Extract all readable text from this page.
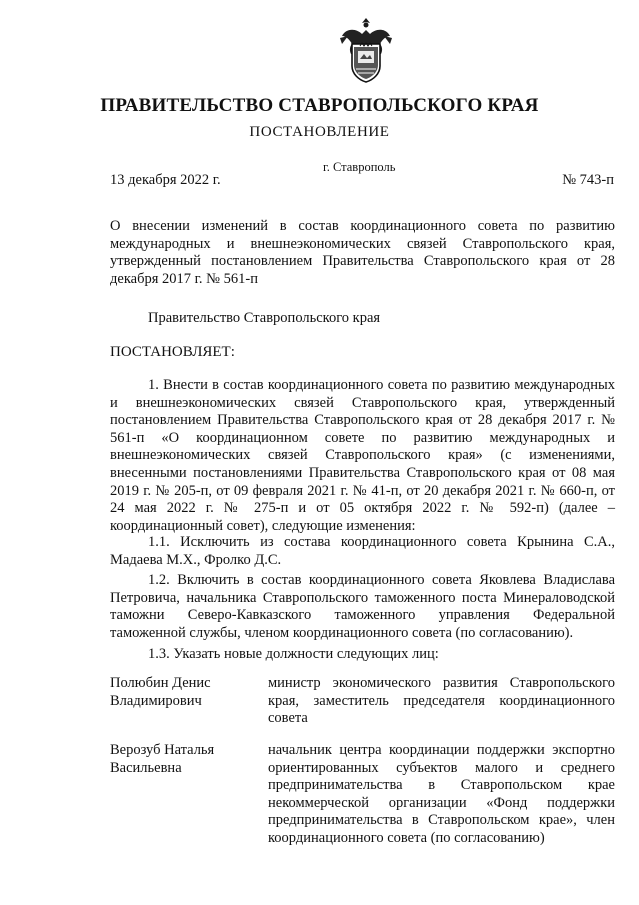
ПРАВИТЕЛЬСТВО СТАВРОПОЛЬСКОГО КРАЯ
ПОСТАНОВЛЕНИЕ
г. Ставрополь
13 декабря 2022 г.	№ 743-п
О внесении изменений в состав координационного совета по развитию международных и внешнеэкономических связей Ставропольского края, утвержденный постановлением Правительства Ставропольского края от 28 декабря 2017 г. № 561-п
Правительство Ставропольского края
ПОСТАНОВЛЯЕТ:

1. Внести в состав координационного совета по развитию международных и внешнеэкономических связей Ставропольского края, утвержденный постановлением Правительства Ставропольского края от 28 декабря 2017 г. № 561-п «О координационном совете по развитию международных и внешнеэкономических связей Ставропольского края» (с изменениями, внесенными постановлениями Правительства Ставропольского края от 08 мая 2019 г. № 205-п, от 09 февраля 2021 г. № 41-п, от 20 декабря 2021 г. № 660-п, от 24 мая 2022 г. № 275-п и от 05 октября 2022 г. № 592-п) (далее – координационный совет), следующие изменения:

1.1. Исключить из состава координационного совета Крынина С.А., Мадаева М.Х., Фролко Д.С.

1.2. Включить в состав координационного совета Яковлева Владислава Петровича, начальника Ставропольского таможенного поста Минераловодской таможни Северо-Кавказского таможенного управления Федеральной таможенной службы, членом координационного совета (по согласованию).

1.3. Указать новые должности следующих лиц:

Полюбин Денис
Владимирович
министр экономического развития Ставропольского края, заместитель председателя координационного совета
Верозуб Наталья
Васильевна
начальник центра координации поддержки экспортно ориентированных субъектов малого и среднего предпринимательства в Ставропольском крае некоммерческой организации «Фонд поддержки предпринимательства в Ставропольском крае», член координационного совета (по согласованию)
